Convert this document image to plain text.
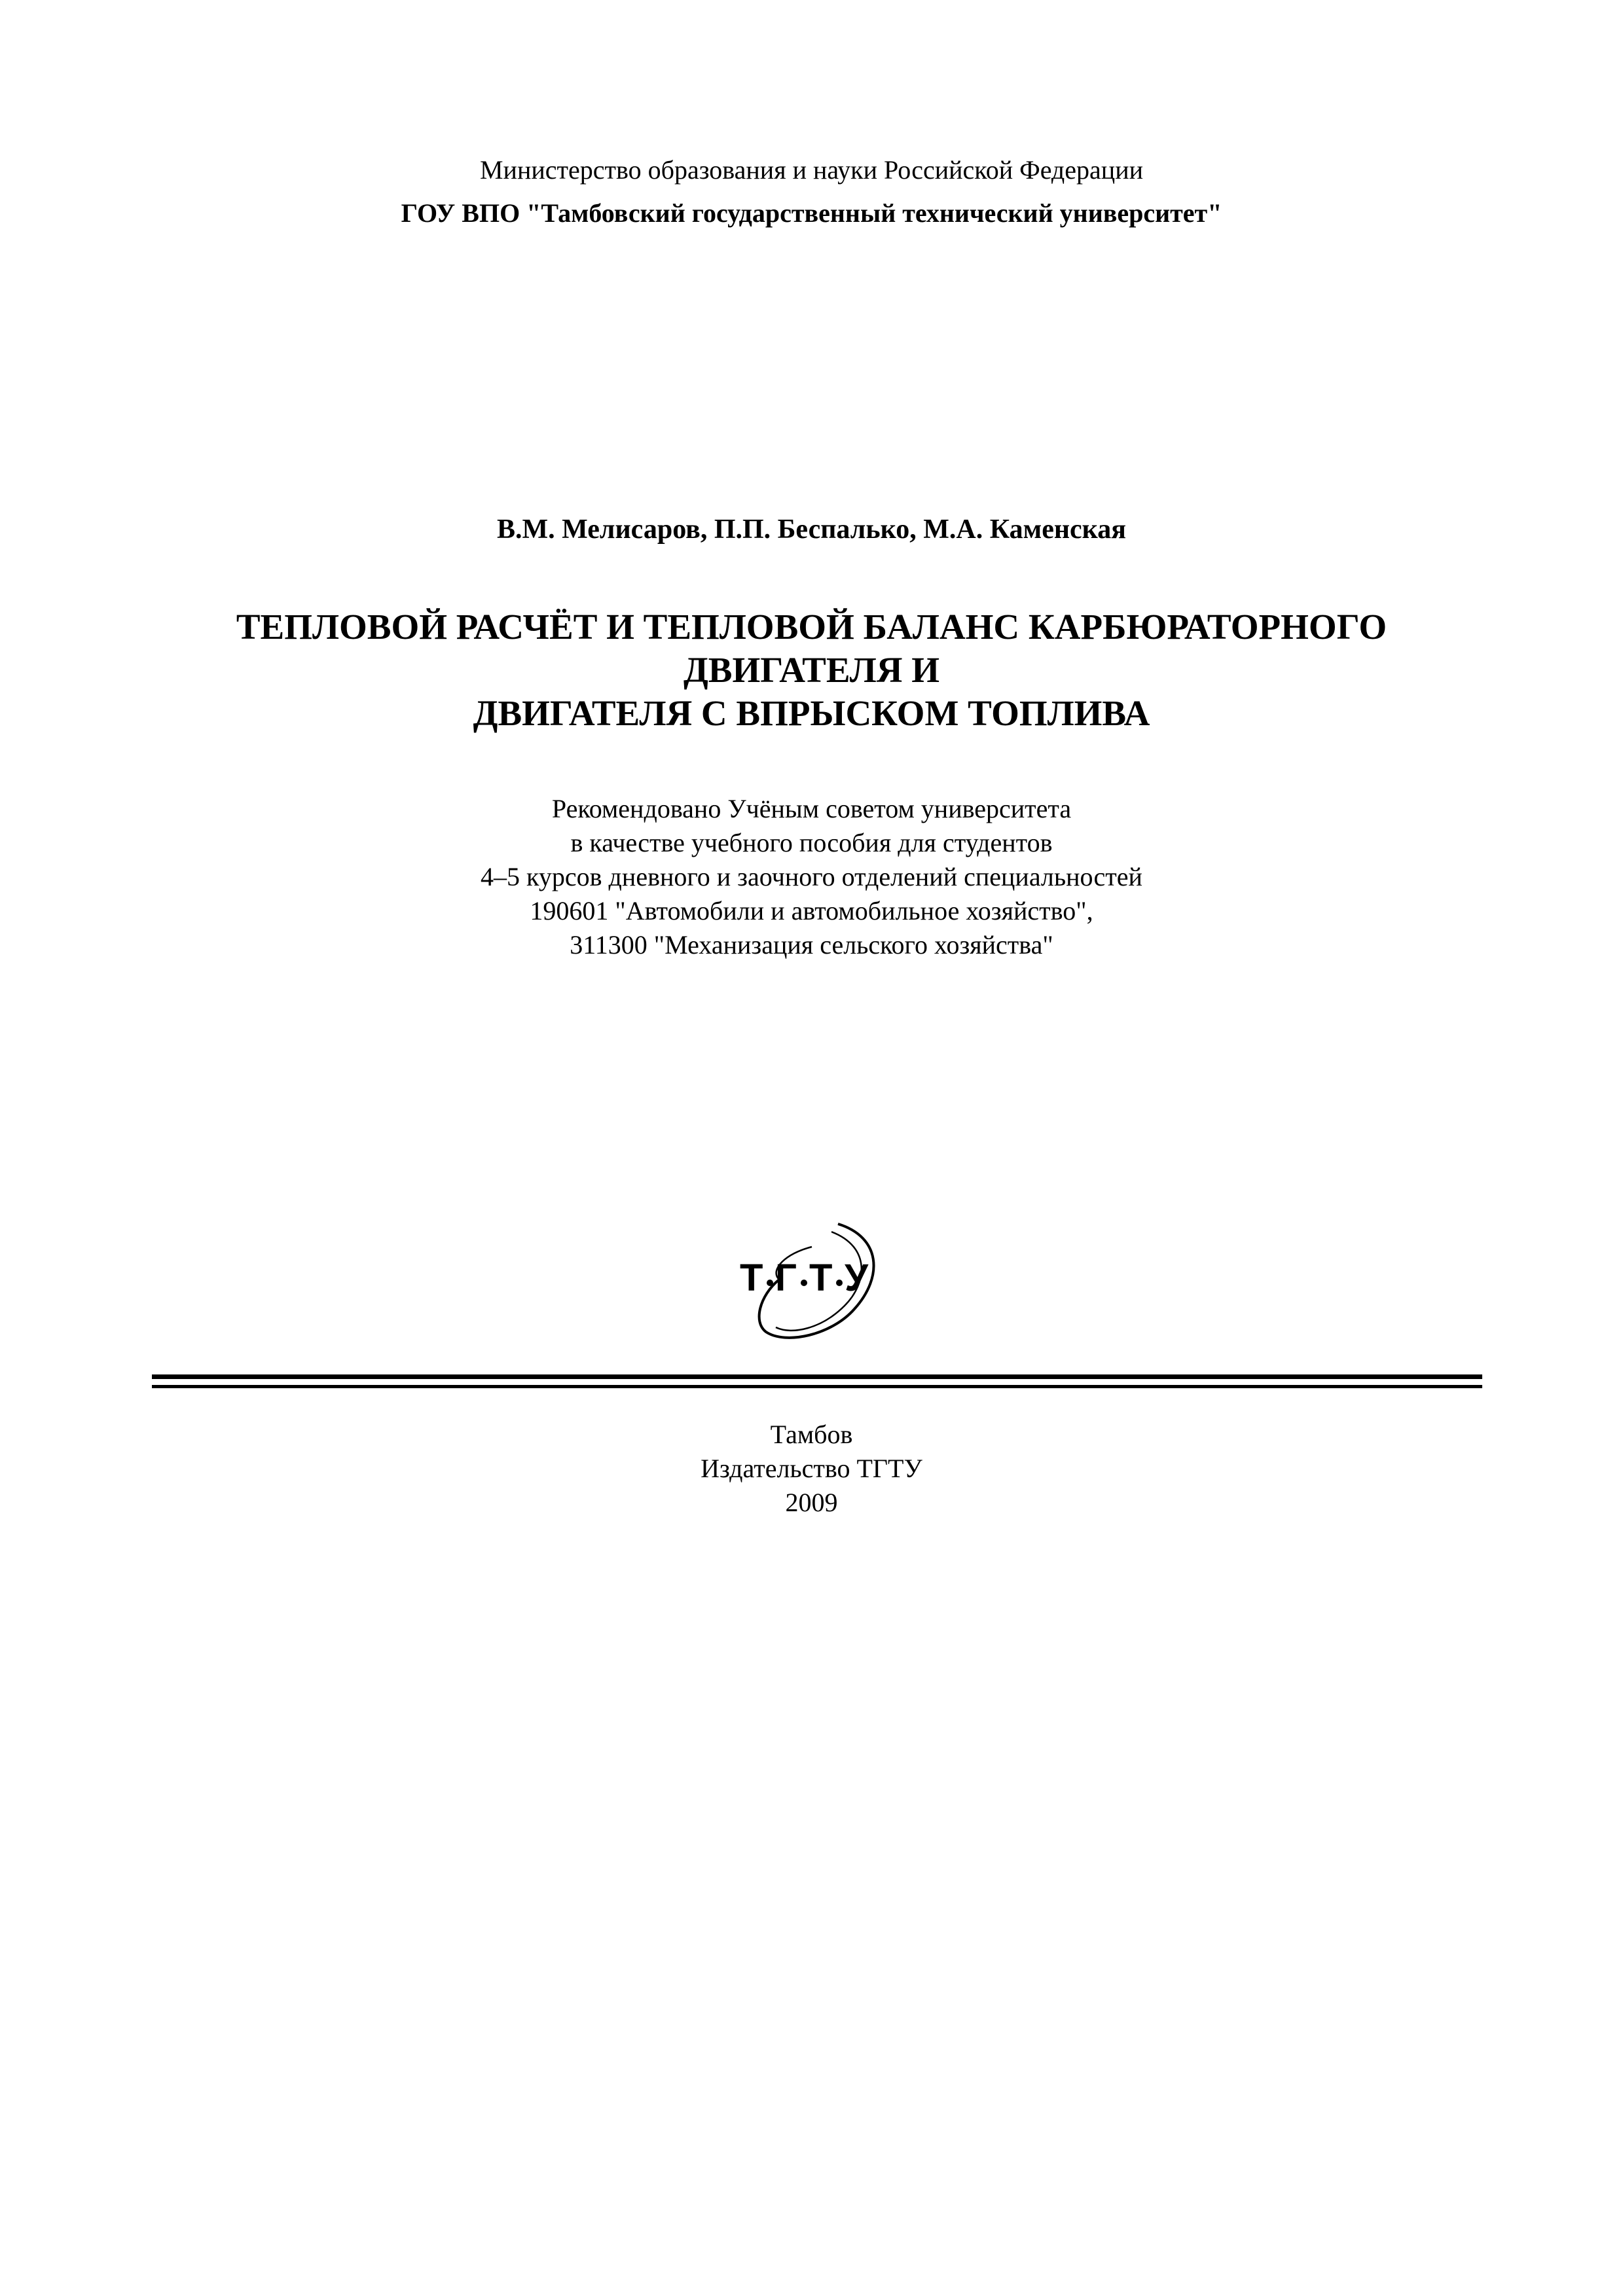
Министерство образования и науки Российской Федерации
ГОУ ВПО "Тамбовский государственный технический университет"
В.М. Мелисаров, П.П. Беспалько, М.А. Каменская
ТЕПЛОВОЙ РАСЧЁТ И ТЕПЛОВОЙ БАЛАНС КАРБЮРАТОРНОГО
ДВИГАТЕЛЯ И
ДВИГАТЕЛЯ С ВПРЫСКОМ ТОПЛИВА
Рекомендовано Учёным советом университета
в качестве учебного пособия для студентов
4–5 курсов дневного и заочного отделений специальностей
190601 "Автомобили и автомобильное хозяйство",
311300 "Механизация сельского хозяйства"
Т Г Т У
Тамбов
Издательство ТГТУ
2009
